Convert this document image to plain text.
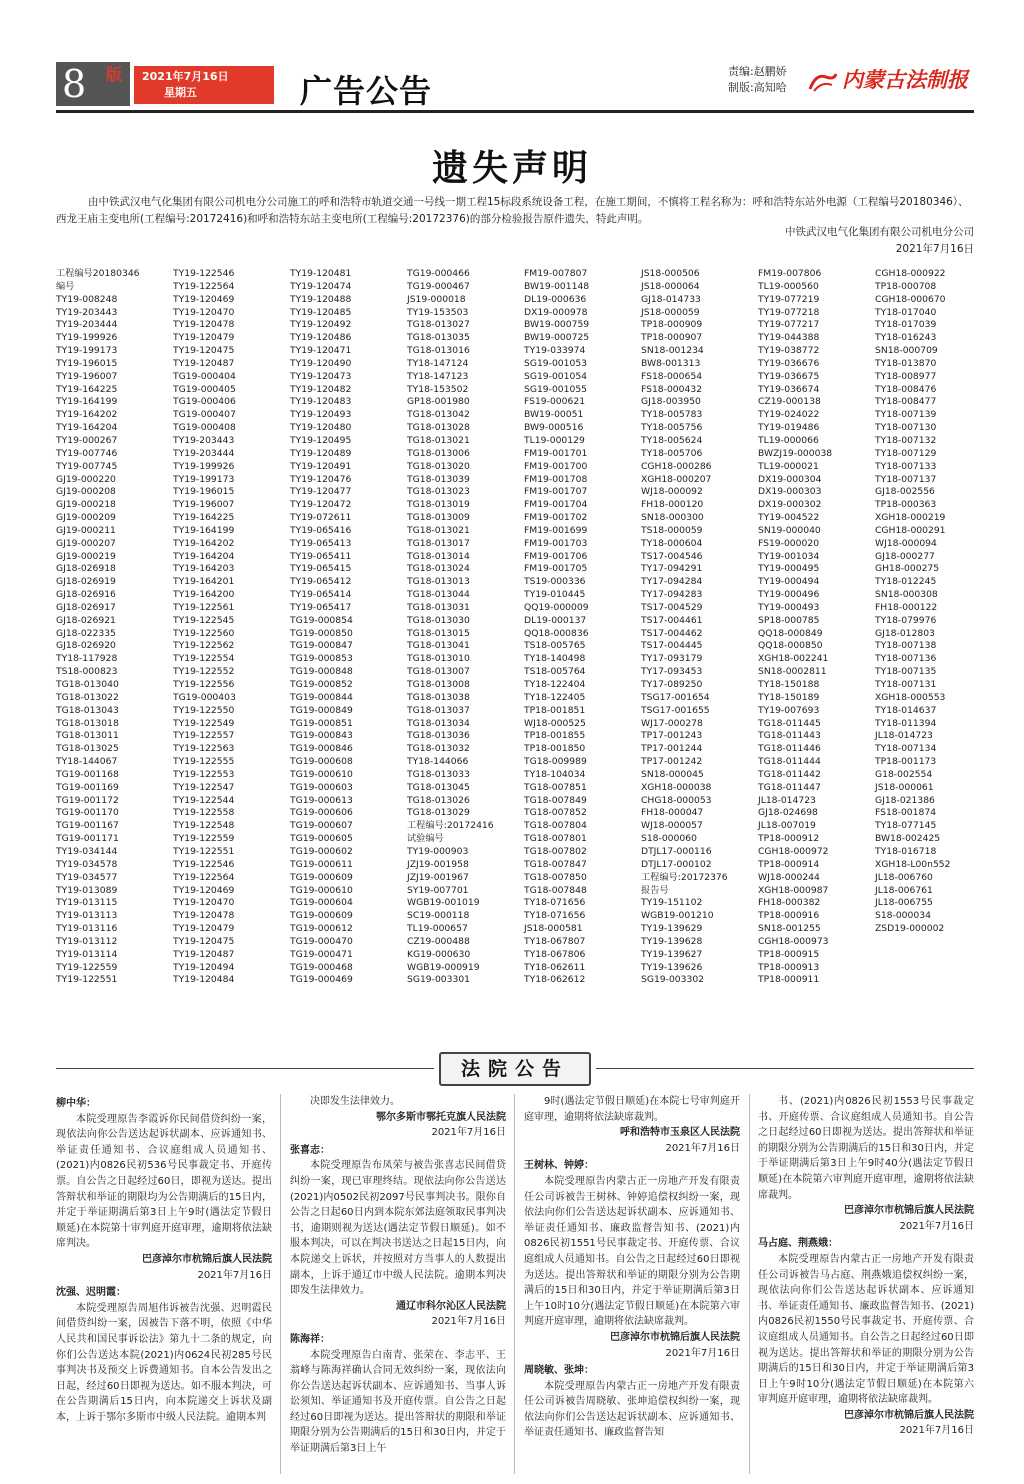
8 版 2021年7月16日
星期五	广告公告
责编:赵鹏娇
制版:高知哈	内蒙古法制报
遗失声明
由中铁武汉电气化集团有限公司机电分公司施工的呼和浩特市轨道交通一号线一期工程15标段系统设备工程，在施工期间，不慎将工程名称为：呼和浩特东站外电源（工程编号20180346）、西龙王庙主变电所(工程编号:20172416)和呼和浩特东站主变电所(工程编号:20172376)的部分检验报告原件遗失，特此声明。
中铁武汉电气化集团有限公司机电分公司
2021年7月16日
工程编号20180346
编号
TY19-008248
TY19-203443
TY19-203444
TY19-199926
TY19-199173
TY19-196015
TY19-196007
TY19-164225
TY19-164199
TY19-164202
TY19-164204
TY19-000267
TY19-007746
TY19-007745
GJ19-000220
GJ19-000208
GJ19-000218
GJ19-000209
GJ19-000211
GJ19-000207
GJ19-000219
GJ18-026918
GJ18-026919
GJ18-026916
GJ18-026917
GJ18-026921
GJ18-022335
GJ18-026920
TY18-117928
TS18-000823
TG18-013040
TG18-013022
TG18-013043
TG18-013018
TG18-013011
TG18-013025
TY18-144067
TG19-001168
TG19-001169
TG19-001172
TG19-001170
TG19-001167
TG19-001171
TY19-034144
TY19-034578
TY19-034577
TY19-013089
TY19-013115
TY19-013113
TY19-013116
TY19-013112
TY19-013114
TY19-122559
TY19-122551
TY19-122546
TY19-122564
TY19-120469
TY19-120470
TY19-120478
TY19-120479
TY19-120475
TY19-120487
TG19-000404
TG19-000405
TG19-000406
TG19-000407
TG19-000408
TY19-203443
TY19-203444
TY19-199926
TY19-199173
TY19-196015
TY19-196007
TY19-164225
TY19-164199
TY19-164202
TY19-164204
TY19-164203
TY19-164201
TY19-164200
TY19-122561
TY19-122545
TY19-122560
TY19-122562
TY19-122554
TY19-122552
TY19-122556
TG19-000403
TY19-122550
TY19-122549
TY19-122557
TY19-122563
TY19-122555
TY19-122553
TY19-122547
TY19-122544
TY19-122558
TY19-122548
TY19-122559
TY19-122551
TY19-122546
TY19-122564
TY19-120469
TY19-120470
TY19-120478
TY19-120479
TY19-120475
TY19-120487
TY19-120494
TY19-120484
TY19-120481
TY19-120474
TY19-120488
TY19-120485
TY19-120492
TY19-120486
TY19-120471
TY19-120490
TY19-120473
TY19-120482
TY19-120483
TY19-120493
TY19-120480
TY19-120495
TY19-120489
TY19-120491
TY19-120476
TY19-120477
TY19-120472
TY19-072611
TY19-065416
TY19-065413
TY19-065411
TY19-065415
TY19-065412
TY19-065414
TY19-065417
TG19-000854
TG19-000850
TG19-000847
TG19-000853
TG19-000848
TG19-000852
TG19-000844
TG19-000849
TG19-000851
TG19-000843
TG19-000846
TG19-000608
TG19-000610
TG19-000603
TG19-000613
TG19-000606
TG19-000607
TG19-000605
TG19-000602
TG19-000611
TG19-000609
TG19-000610
TG19-000604
TG19-000609
TG19-000612
TG19-000470
TG19-000471
TG19-000468
TG19-000469
TG19-000466
TG19-000467
JS19-000018
TY19-153503
TG18-013027
TG18-013035
TG18-013016
TY18-147124
TY18-147123
TY18-153502
GP18-001980
TG18-013042
TG18-013028
TG18-013021
TG18-013006
TG18-013020
TG18-013039
TG18-013023
TG18-013019
TG18-013009
TG18-013021
TG18-013017
TG18-013014
TG18-013024
TG18-013013
TG18-013044
TG18-013031
TG18-013030
TG18-013015
TG18-013041
TG18-013010
TG18-013007
TG18-013008
TG18-013038
TG18-013037
TG18-013034
TG18-013036
TG18-013032
TY18-144066
TG18-013033
TG18-013045
TG18-013026
TG18-013029
工程编号:20172416
试验编号
TY19-000903
JZJ19-001958
JZJ19-001967
SY19-007701
WGB19-001019
SC19-000118
TL19-000657
CZ19-000488
KG19-000630
WGB19-000919
SG19-003301
FM19-007807
BW19-001148
DL19-000636
DX19-000978
BW19-000759
BW19-000725
TY19-033974
SG19-001053
SG19-001054
SG19-001055
FS19-000621
BW19-00051
BW9-000516
TL19-000129
FM19-001701
FM19-001700
FM19-001708
FM19-001707
FM19-001704
FM19-001702
FM19-001699
FM19-001703
FM19-001706
FM19-001705
TS19-000336
TY19-010445
QQ19-000009
DL19-000137
QQ18-000836
TS18-005765
TY18-140498
TS18-005764
TY18-122404
TY18-122405
TP18-001851
WJ18-000525
TP18-001855
TP18-001850
TG18-009989
TY18-104034
TG18-007851
TG18-007849
TG18-007852
TG18-007804
TG18-007801
TG18-007802
TG18-007847
TG18-007850
TG18-007848
TY18-071656
TY18-071656
JS18-000581
TY18-067807
TY18-067806
TY18-062611
TY18-062612
JS18-000506
JS18-000064
GJ18-014733
JS18-000059
TP18-000909
TP18-000907
SN18-001234
BW8-001313
FS18-000654
FS18-000432
GJ18-003950
TY18-005783
TY18-005756
TY18-005624
TY18-005706
CGH18-000286
XGH18-000207
WJ18-000092
FH18-000120
SN18-000300
TS18-000059
TY18-000604
TS17-004546
TY17-094291
TY17-094284
TY17-094283
TS17-004529
TS17-004461
TS17-004462
TS17-004445
TY17-093179
TY17-093453
TY17-089250
TSG17-001654
TSG17-001655
WJ17-000278
TP17-001243
TP17-001244
TP17-001242
SN18-000045
XGH18-000038
CHG18-000053
FH18-000047
WJ18-000057
S18-000060
DTJL17-000116
DTJL17-000102
工程编号:20172376
报告号
TY19-151102
WGB19-001210
TY19-139629
TY19-139628
TY19-139627
TY19-139626
SG19-003302
FM19-007806
TL19-000560
TY19-077219
TY19-077218
TY19-077217
TY19-044388
TY19-038772
TY19-036676
TY19-036675
TY19-036674
CZ19-000138
TY19-024022
TY19-019486
TL19-000066
BWZJ19-000038
TL19-000021
DX19-000304
DX19-000303
DX19-000302
TY19-004522
SN19-000040
FS19-000020
TY19-001034
TY19-000495
TY19-000494
TY19-000496
TY19-000493
SP18-000785
QQ18-000849
QQ18-000850
XGH18-002241
SN18-0002811
TY18-150188
TY18-150189
TY19-007693
TG18-011445
TG18-011443
TG18-011446
TG18-011444
TG18-011442
TG18-011447
JL18-014723
GJ18-024698
JL18-007019
TP18-000912
CGH18-000972
TP18-000914
WJ18-000244
XGH18-000987
FH18-000382
TP18-000916
SN18-001255
CGH18-000973
TP18-000915
TP18-000913
TP18-000911
CGH18-000922
TP18-000708
CGH18-000670
TY18-017040
TY18-017039
TY18-016243
SN18-000709
TY18-013870
TY18-008977
TY18-008476
TY18-008477
TY18-007139
TY18-007130
TY18-007132
TY18-007129
TY18-007133
TY18-007137
GJ18-002556
TP18-000363
XGH18-000219
CGH18-000291
WJ18-000094
GJ18-000277
GH18-000275
TY18-012245
SN18-000308
FH18-000122
TY18-079976
GJ18-012803
TY18-007138
TY18-007136
TY18-007135
TY18-007131
XGH18-000553
TY18-014637
TY18-011394
JL18-014723
TY18-007134
TP18-001173
G18-002554
JS18-000061
GJ18-021386
FS18-001874
TY18-077145
BW18-002425
TY18-016718
XGH18-L00n552
JL18-006760
JL18-006761
JL18-006755
S18-000034
ZSD19-000002
法院公告
柳中华：
本院受理原告李霞诉你民间借贷纠纷一案，现依法向你公告送达起诉状副本、应诉通知书、举证责任通知书、合议庭组成人员通知书、(2021)内0826民初536号民事裁定书、开庭传票。自公告之日起经过60日，即视为送达。提出答辩状和举证的期限均为公告期满后的15日内，并定于举证期满后第3日上午9时(遇法定节假日顺延)在本院第十审判庭开庭审理，逾期将依法缺席判决。
巴彦淖尔市杭锦后旗人民法院
2021年7月16日
沈强、迟明霞：
本院受理原告周旭伟诉被告沈强、迟明霞民间借贷纠纷一案，因被告下落不明，依照《中华人民共和国民事诉讼法》第九十二条的规定，向你们公告送达本院(2021)内0624民初285号民事判决书及预交上诉费通知书。自本公告发出之日起，经过60日即视为送达。如不服本判决，可在公告期满后15日内，向本院递交上诉状及副本，上诉于鄂尔多斯市中级人民法院。逾期本判
决即发生法律效力。
鄂尔多斯市鄂托克旗人民法院
2021年7月16日
张喜志：
本院受理原告布凤荣与被告张喜志民间借贷纠纷一案，现已审理终结。现依法向你公告送达(2021)内0502民初2097号民事判决书。限你自公告之日起60日内到本院东郊法庭领取民事判决书，逾期则视为送达(遇法定节假日顺延)。如不服本判决，可以在判决书送达之日起15日内，向本院递交上诉状，并按照对方当事人的人数提出副本，上诉于通辽市中级人民法院。逾期本判决即发生法律效力。
通辽市科尔沁区人民法院
2021年7月16日
陈海祥：
本院受理原告白南青、张荣在、李志平、王翁峰与陈海祥确认合同无效纠纷一案，现依法向你公告送达起诉状副本、应诉通知书、当事人诉讼须知、举证通知书及开庭传票。自公告之日起经过60日即视为送达。提出答辩状的期限和举证期限分别为公告期满后的15日和30日内，并定于举证期满后第3日上午
9时(遇法定节假日顺延)在本院七号审判庭开庭审理，逾期将依法缺席裁判。
呼和浩特市玉泉区人民法院
2021年7月16日
王树林、钟婷：
本院受理原告内蒙古正一房地产开发有限责任公司诉被告王树林、钟婷追偿权纠纷一案，现依法向你们公告送达起诉状副本、应诉通知书、举证责任通知书、廉政监督告知书、(2021)内0826民初1551号民事裁定书、开庭传票、合议庭组成人员通知书。自公告之日起经过60日即视为送达。提出答辩状和举证的期限分别为公告期满后的15日和30日内，并定于举证期满后第3日上午10时10分(遇法定节假日顺延)在本院第六审判庭开庭审理，逾期将依法缺席裁判。
巴彦淖尔市杭锦后旗人民法院
2021年7月16日
周晓敏、张坤：
本院受理原告内蒙古正一房地产开发有限责任公司诉被告周晓敏、张坤追偿权纠纷一案，现依法向你们公告送达起诉状副本、应诉通知书、举证责任通知书、廉政监督告知
书、(2021)内0826民初1553号民事裁定书、开庭传票、合议庭组成人员通知书。自公告之日起经过60日即视为送达。提出答辩状和举证的期限分别为公告期满后的15日和30日内，并定于举证期满后第3日上午9时40分(遇法定节假日顺延)在本院第六审判庭开庭审理，逾期将依法缺席裁判。
巴彦淖尔市杭锦后旗人民法院
2021年7月16日
马占庭、荆燕娥：
本院受理原告内蒙古正一房地产开发有限责任公司诉被告马占庭、荆燕娥追偿权纠纷一案，现依法向你们公告送达起诉状副本、应诉通知书、举证责任通知书、廉政监督告知书、(2021)内0826民初1550号民事裁定书、开庭传票、合议庭组成人员通知书。自公告之日起经过60日即视为送达。提出答辩状和举证的期限分别为公告期满后的15日和30日内，并定于举证期满后第3日上午9时10分(遇法定节假日顺延)在本院第六审判庭开庭审理，逾期将依法缺席裁判。
巴彦淖尔市杭锦后旗人民法院
2021年7月16日
